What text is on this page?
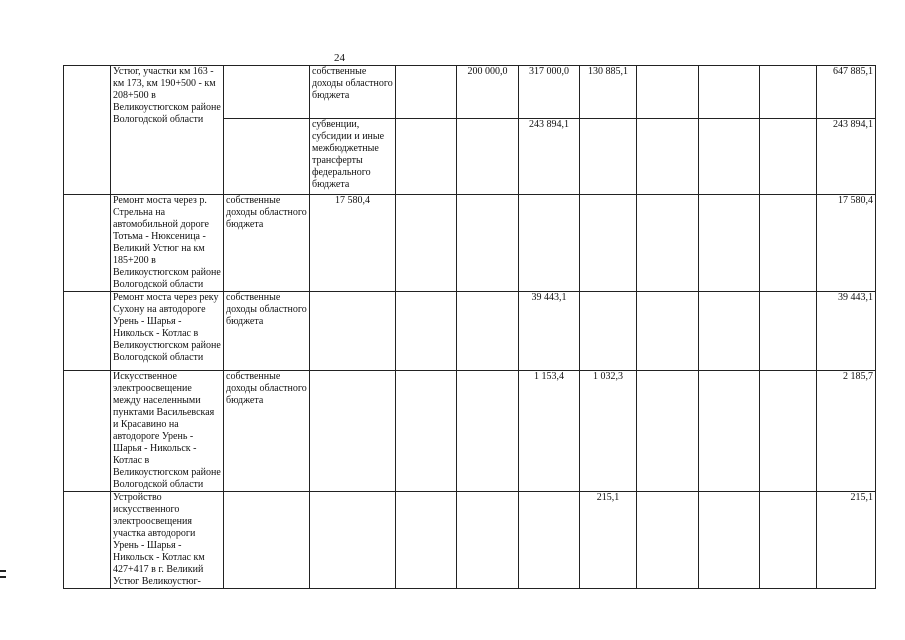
24
	Устюг, участки км 163 - км 173, км 190+500 - км 208+500 в Великоустюгском районе Вологодской области		собственные доходы областного бюджета		200 000,0	317 000,0	130 885,1				647 885,1
			субвенции, субсидии и иные межбюджетные трансферты федерального бюджета			243 894,1					243 894,1
	Ремонт моста через р. Стрельна на автомобильной дороге Тотьма - Нюксеница - Великий Устюг на км 185+200 в Великоустюгском районе Вологодской области	собственные доходы областного бюджета	17 580,4								17 580,4
	Ремонт моста через реку Сухону на автодороге Урень - Шарья - Никольск - Котлас в Великоустюгском районе Вологодской области	собственные доходы областного бюджета				39 443,1					39 443,1
	Искусственное электроосвещение между населенными пунктами Васильевская и Красавино на автодороге Урень - Шарья - Никольск - Котлас в Великоустюгском районе Вологодской области	собственные доходы областного бюджета				1 153,4	1 032,3				2 185,7
	Устройство искусственного электроосвещения участка автодороги Урень - Шарья - Никольск - Котлас км 427+417 в г. Великий Устюг Великоустюг-						215,1				215,1
